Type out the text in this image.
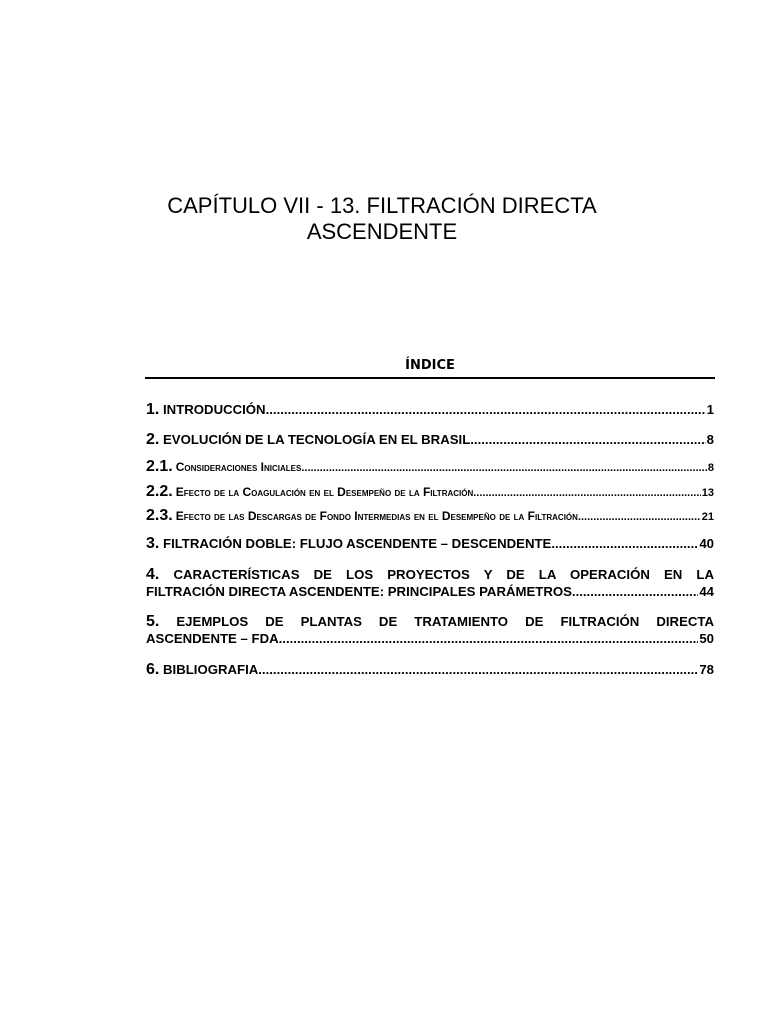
CAPÍTULO VII - 13. FILTRACIÓN DIRECTA
ASCENDENTE
ÍNDICE
1. INTRODUCCIÓN .....	1
2. EVOLUCIÓN DE LA TECNOLOGÍA EN EL BRASIL .....	8
2.1. Consideraciones Iniciales .....	8
2.2. Efecto de la Coagulación en el Desempeño de la Filtración .....	13
2.3. Efecto de las Descargas de Fondo Intermedias en el Desempeño de la Filtración .....	21
3. FILTRACIÓN DOBLE: FLUJO ASCENDENTE – DESCENDENTE .....	40
4. CARACTERÍSTICAS DE LOS PROYECTOS Y DE LA OPERACIÓN EN LA
FILTRACIÓN DIRECTA ASCENDENTE: PRINCIPALES PARÁMETROS .....	44
5. EJEMPLOS DE PLANTAS DE TRATAMIENTO DE FILTRACIÓN DIRECTA
ASCENDENTE – FDA .....	50
6. BIBLIOGRAFIA .....	78
